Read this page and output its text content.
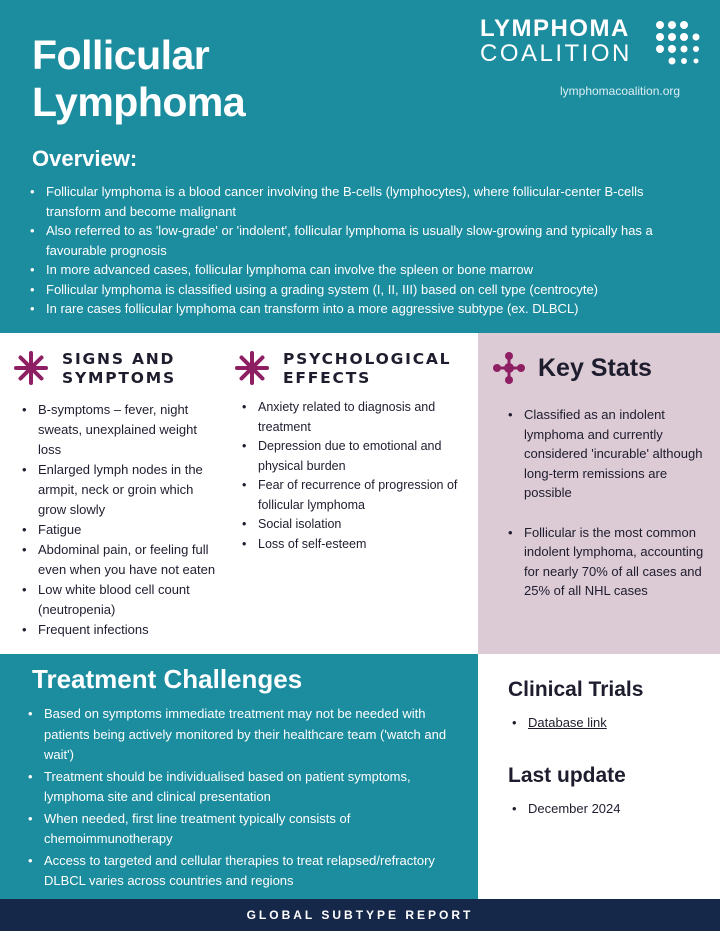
Follicular
Lymphoma
LYMPHOMA
COALITION
lymphomacoalition.org
Overview:
• Follicular lymphoma is a blood cancer involving the B-cells (lymphocytes), where follicular-center B-cells transform and become malignant
• Also referred to as 'low-grade' or 'indolent', follicular lymphoma is usually slow-growing and typically has a favourable prognosis
• In more advanced cases, follicular lymphoma can involve the spleen or bone marrow
• Follicular lymphoma is classified using a grading system (I, II, III) based on cell type (centrocyte)
• In rare cases follicular lymphoma can transform into a more aggressive subtype (ex. DLBCL)
SIGNS AND
SYMPTOMS
• B-symptoms – fever, night sweats, unexplained weight loss
• Enlarged lymph nodes in the armpit, neck or groin which grow slowly
• Fatigue
• Abdominal pain, or feeling full even when you have not eaten
• Low white blood cell count (neutropenia)
• Frequent infections
PSYCHOLOGICAL
EFFECTS
• Anxiety related to diagnosis and treatment
• Depression due to emotional and physical burden
• Fear of recurrence of progression of follicular lymphoma
• Social isolation
• Loss of self-esteem
Key Stats
• Classified as an indolent lymphoma and currently considered 'incurable' although long-term remissions are possible
• Follicular is the most common indolent lymphoma, accounting for nearly 70% of all cases and 25% of all NHL cases
Treatment Challenges
• Based on symptoms immediate treatment may not be needed with patients being actively monitored by their healthcare team ('watch and wait')
• Treatment should be individualised based on patient symptoms, lymphoma site and clinical presentation
• When needed, first line treatment typically consists of chemoimmunotherapy
• Access to targeted and cellular therapies to treat relapsed/refractory DLBCL varies across countries and regions
Clinical Trials
• Database link
Last update
• December 2024
GLOBAL SUBTYPE REPORT
